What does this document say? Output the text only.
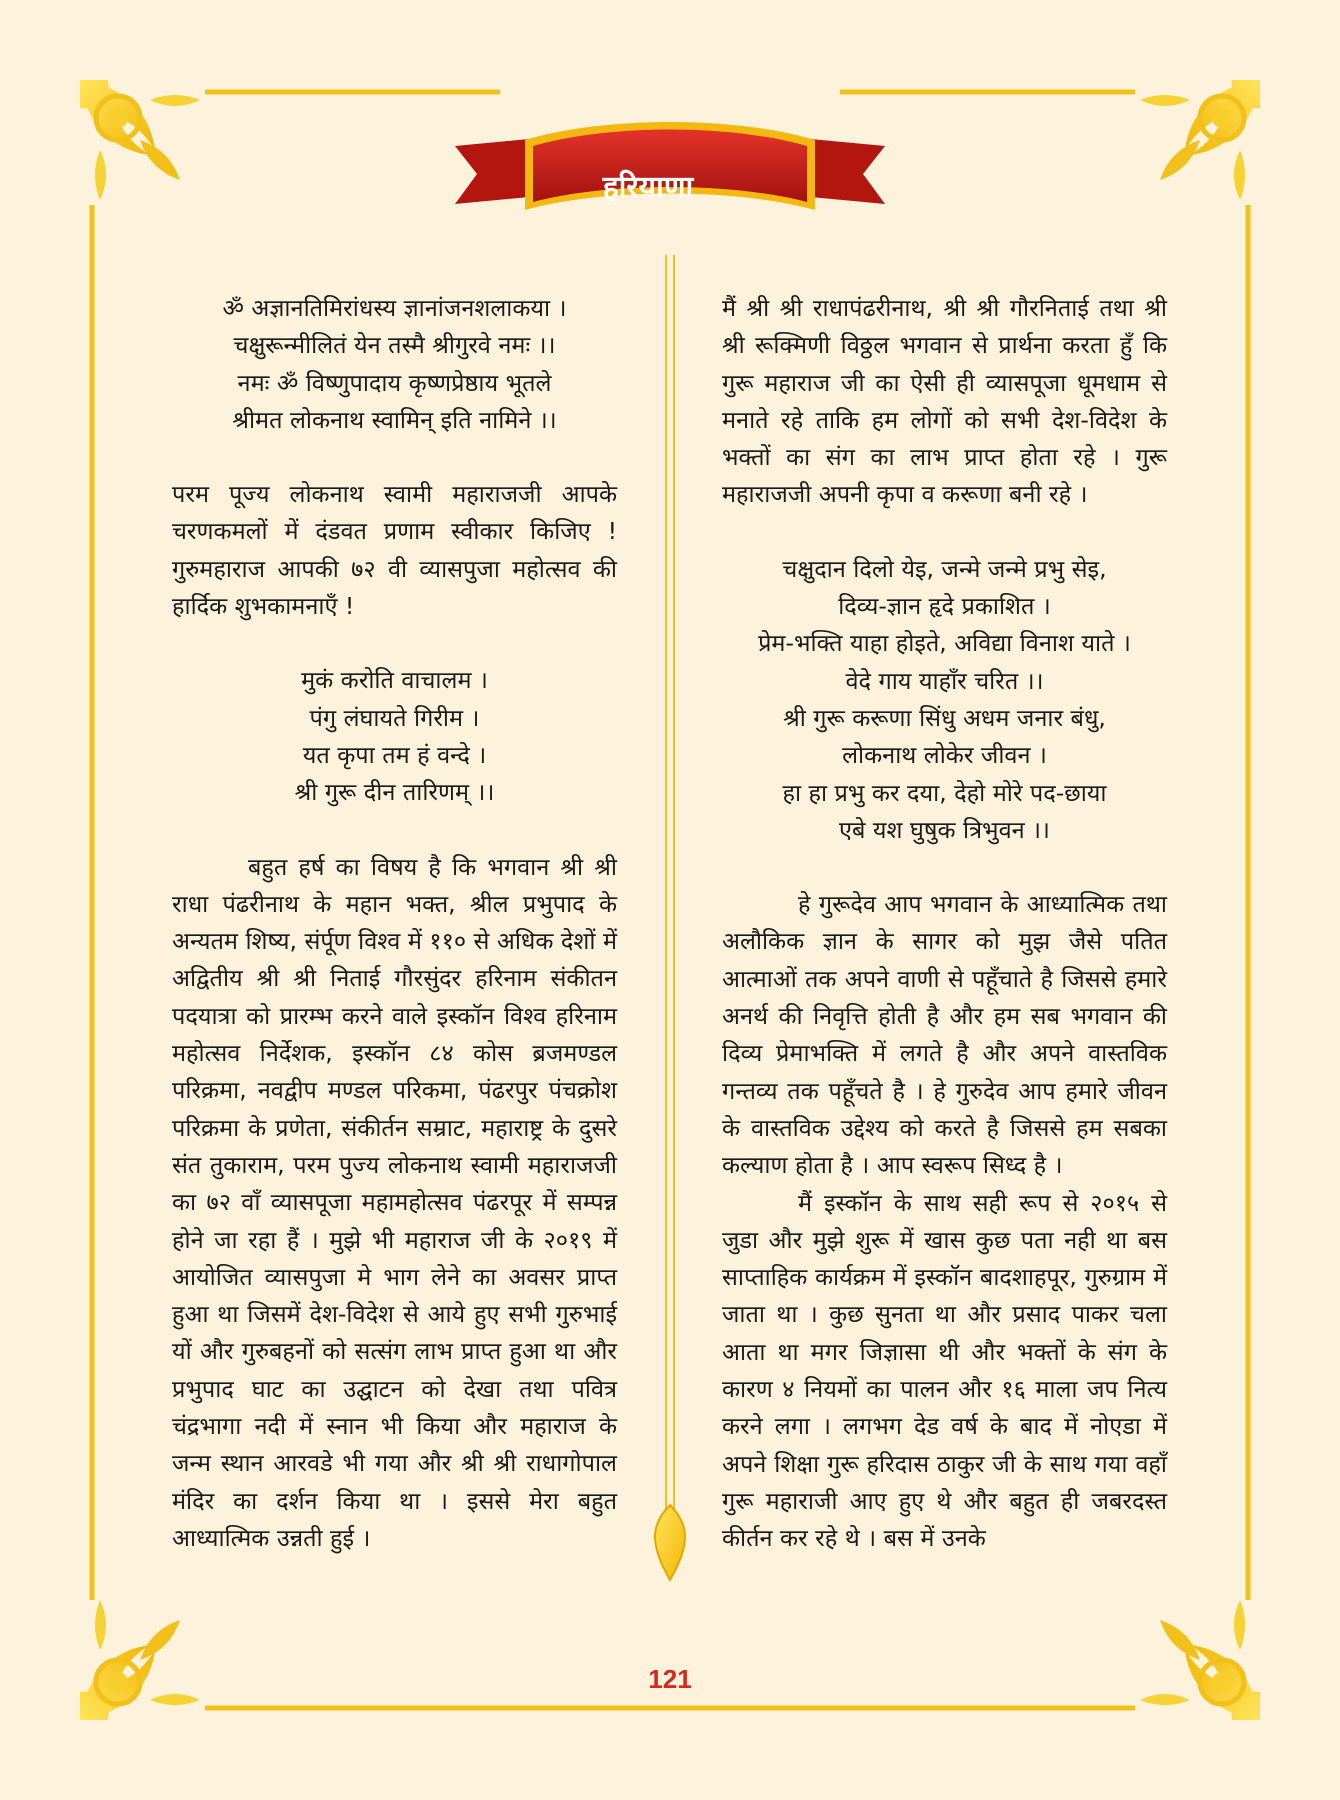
हरियाणा

ॐ अज्ञानतिमिरांधस्य ज्ञानांजनशलाकया ।

चक्षुरून्मीलितं येन तस्मै श्रीगुरवे नमः ।।

नमः ॐ विष्णुपादाय कृष्णप्रेष्ठाय भूतले

श्रीमत लोकनाथ स्वामिन् इति नामिने ।।

परम पूज्य लोकनाथ स्वामी महाराजजी आपके चरणकमलों में दंडवत प्रणाम स्वीकार किजिए ! गुरुमहाराज आपकी ७२ वी व्यासपुजा महोत्सव की हार्दिक शुभकामनाएँ !

मुकं करोति वाचालम ।

पंगु लंघायते गिरीम ।

यत कृपा तम हं वन्दे ।

श्री गुरू दीन तारिणम् ।।

बहुत हर्ष का विषय है कि भगवान श्री श्री राधा पंढरीनाथ के महान भक्त, श्रील प्रभुपाद के अन्यतम शिष्य, संर्पूण विश्व में ११० से अधिक देशों में अद्वितीय श्री श्री निताई गौरसुंदर हरिनाम संकीतन पदयात्रा को प्रारम्भ करने वाले इस्कॉन विश्व हरिनाम महोत्सव निर्देशक, इस्कॉन ८४ कोस ब्रजमण्डल परिक्रमा, नवद्वीप मण्डल परिकमा, पंढरपुर पंचक्रोश परिक्रमा के प्रणेता, संकीर्तन सम्राट, महाराष्ट्र के दुसरे संत तुकाराम, परम पुज्य लोकनाथ स्वामी महाराजजी का ७२ वाँ व्यासपूजा महामहोत्सव पंढरपूर में सम्पन्न होने जा रहा हैं । मुझे भी महाराज जी के २०१९ में आयोजित व्यासपुजा मे भाग लेने का अवसर प्राप्त हुआ था जिसमें देश-विदेश से आये हुए सभी गुरुभाई यों और गुरुबहनों को सत्संग लाभ प्राप्त हुआ था और प्रभुपाद घाट का उद्घाटन को देखा तथा पवित्र चंद्रभागा नदी में स्नान भी किया और महाराज के जन्म स्थान आरवडे भी गया और श्री श्री राधागोपाल मंदिर का दर्शन किया था । इससे मेरा बहुत आध्यात्मिक उन्नती हुई ।

मैं श्री श्री राधापंढरीनाथ, श्री श्री गौरनिताई तथा श्री श्री रूक्मिणी विठ्ठल भगवान से प्रार्थना करता हुँ कि गुरू महाराज जी का ऐसी ही व्यासपूजा धूमधाम से मनाते रहे ताकि हम लोगों को सभी देश-विदेश के भक्तों का संग का लाभ प्राप्त होता रहे । गुरू महाराजजी अपनी कृपा व करूणा बनी रहे ।

चक्षुदान दिलो येइ, जन्मे जन्मे प्रभु सेइ,

दिव्य-ज्ञान हृदे प्रकाशित ।

प्रेम-भक्ति याहा होइते, अविद्या विनाश याते ।

वेदे गाय याहाँर चरित ।।

श्री गुरू करूणा सिंधु अधम जनार बंधु,

लोकनाथ लोकेर जीवन ।

हा हा प्रभु कर दया, देहो मोरे पद-छाया

एबे यश घुषुक त्रिभुवन ।।

हे गुरूदेव आप भगवान के आध्यात्मिक तथा अलौकिक ज्ञान के सागर को मुझ जैसे पतित आत्माओं तक अपने वाणी से पहूँचाते है जिससे हमारे अनर्थ की निवृत्ति होती है और हम सब भगवान की दिव्य प्रेमाभक्ति में लगते है और अपने वास्तविक गन्तव्य तक पहूँचते है । हे गुरुदेव आप हमारे जीवन के वास्तविक उद्देश्य को करते है जिससे हम सबका कल्याण होता है । आप स्वरूप सिध्द है ।

मैं इस्कॉन के साथ सही रूप से २०१५ से जुडा और मुझे शुरू में खास कुछ पता नही था बस साप्ताहिक कार्यक्रम में इस्कॉन बादशाहपूर, गुरुग्राम में जाता था । कुछ सुनता था और प्रसाद पाकर चला आता था मगर जिज्ञासा थी और भक्तों के संग के कारण ४ नियमों का पालन और १६ माला जप नित्य करने लगा । लगभग देड वर्ष के बाद में नोएडा में अपने शिक्षा गुरू हरिदास ठाकुर जी के साथ गया वहाँ गुरू महाराजी आए हुए थे और बहुत ही जबरदस्त कीर्तन कर रहे थे । बस में उनके

121
